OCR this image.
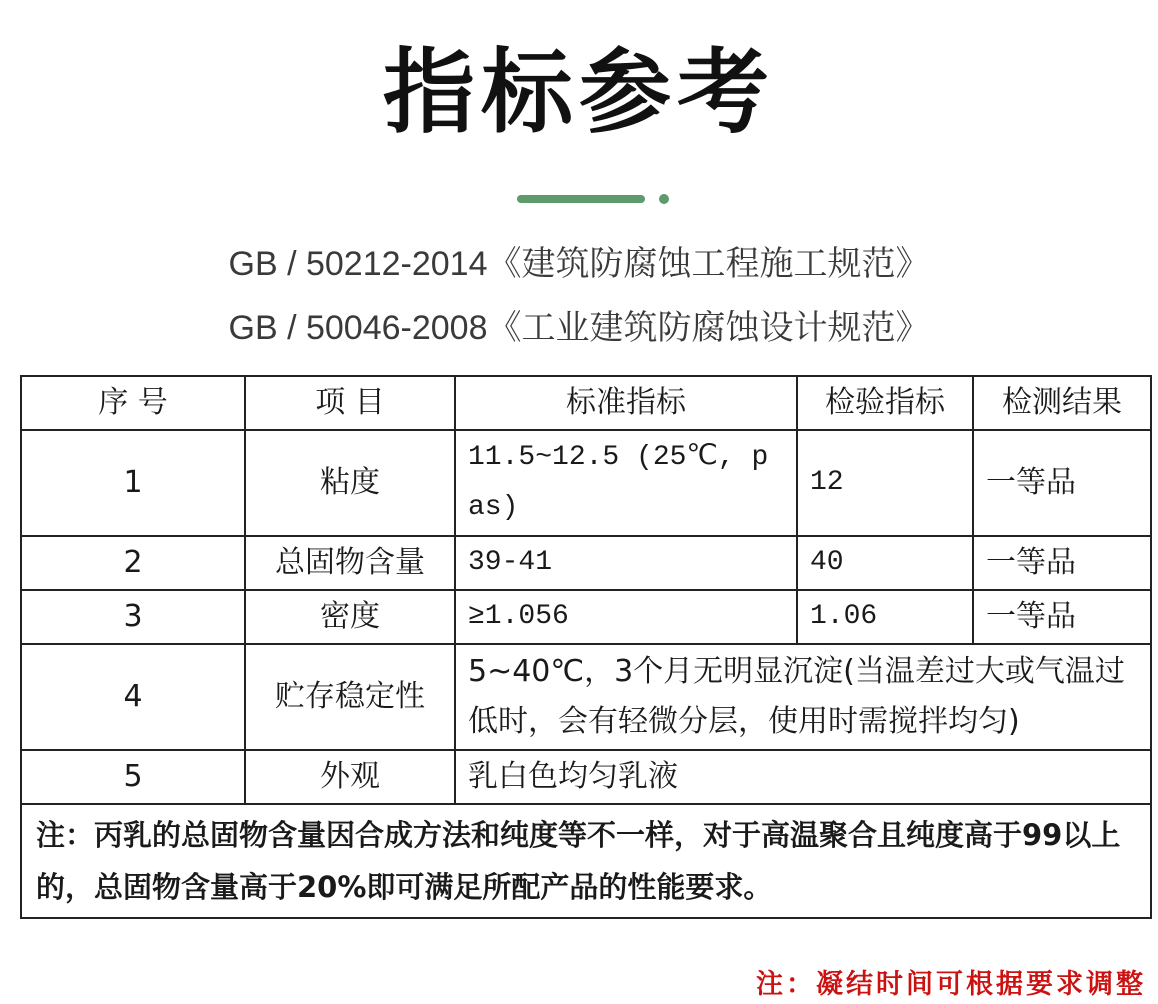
指标参考
GB / 50212-2014《建筑防腐蚀工程施工规范》
GB / 50046-2008《工业建筑防腐蚀设计规范》
序 号	项 目	标准指标	检验指标	检测结果
1	粘度	11.5~12.5 (25℃, pas)	12	一等品
2	总固物含量	39-41	40	一等品
3	密度	≥1.056	1.06	一等品
4	贮存稳定性	5~40℃，3个月无明显沉淀(当温差过大或气温过低时，会有轻微分层，使用时需搅拌均匀)		
5	外观	乳白色均匀乳液		
注：丙乳的总固物含量因合成方法和纯度等不一样，对于高温聚合且纯度高于99以上的，总固物含量高于20%即可满足所配产品的性能要求。				
注：凝结时间可根据要求调整
